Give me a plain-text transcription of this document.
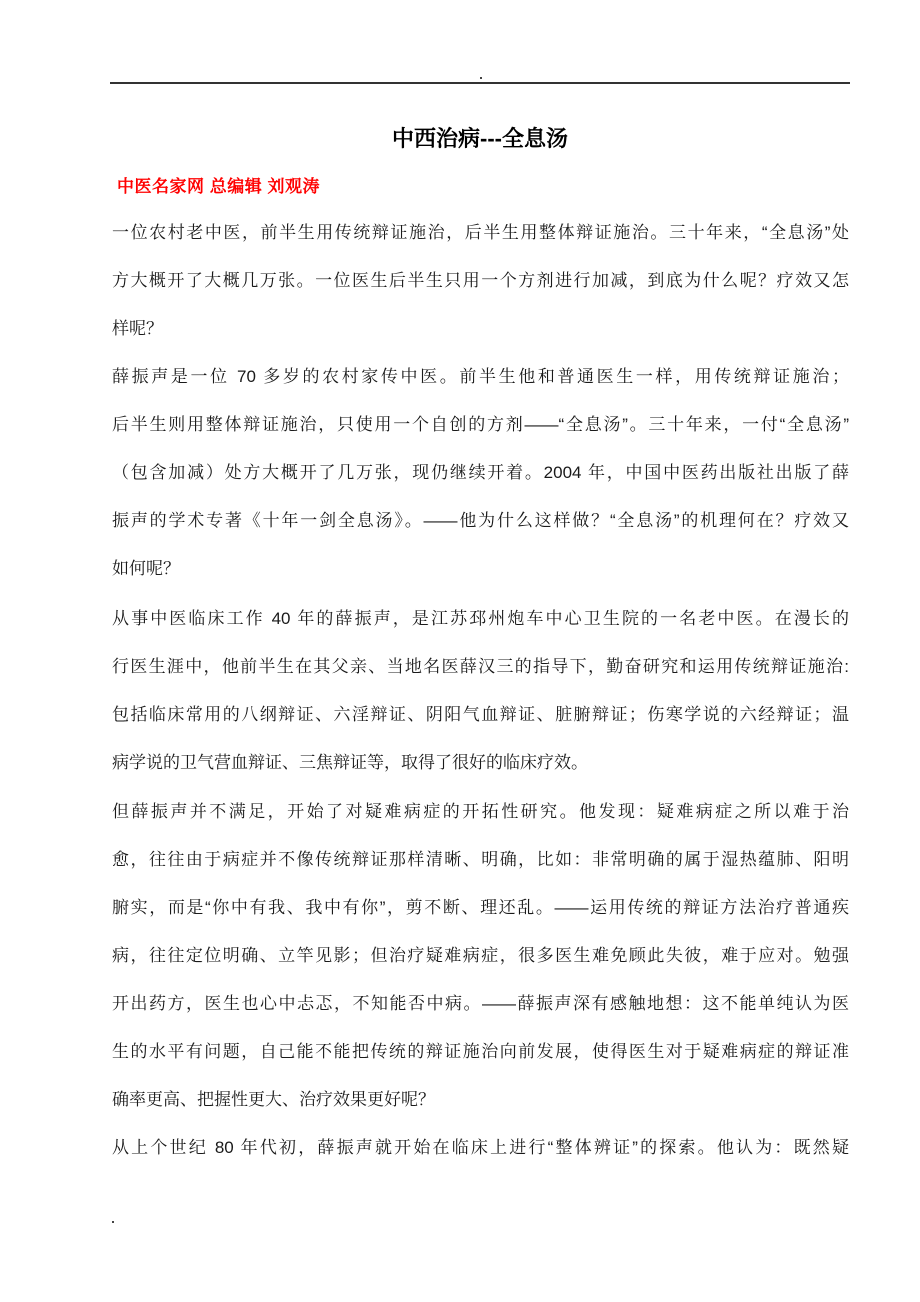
中西治病---全息汤
中医名家网 总编辑 刘观涛
一位农村老中医，前半生用传统辩证施治，后半生用整体辩证施治。三十年来，“全息汤”处
方大概开了大概几万张。一位医生后半生只用一个方剂进行加减，到底为什么呢？疗效又怎
样呢？
薛振声是一位 70 多岁的农村家传中医。前半生他和普通医生一样，用传统辩证施治；
后半生则用整体辩证施治，只使用一个自创的方剂——“全息汤”。三十年来，一付“全息汤”
（包含加减）处方大概开了几万张，现仍继续开着。2004 年，中国中医药出版社出版了薛
振声的学术专著《十年一剑全息汤》。——他为什么这样做？“全息汤”的机理何在？疗效又
如何呢？
从事中医临床工作 40 年的薛振声，是江苏邳州炮车中心卫生院的一名老中医。在漫长的
行医生涯中，他前半生在其父亲、当地名医薛汉三的指导下，勤奋研究和运用传统辩证施治:
包括临床常用的八纲辩证、六淫辩证、阴阳气血辩证、脏腑辩证；伤寒学说的六经辩证；温
病学说的卫气营血辩证、三焦辩证等，取得了很好的临床疗效。
但薛振声并不满足，开始了对疑难病症的开拓性研究。他发现：疑难病症之所以难于治
愈，往往由于病症并不像传统辩证那样清晰、明确，比如：非常明确的属于湿热蕴肺、阳明
腑实，而是“你中有我、我中有你”，剪不断、理还乱。——运用传统的辩证方法治疗普通疾
病，往往定位明确、立竿见影；但治疗疑难病症，很多医生难免顾此失彼，难于应对。勉强
开出药方，医生也心中忐忑，不知能否中病。——薛振声深有感触地想：这不能单纯认为医
生的水平有问题，自己能不能把传统的辩证施治向前发展，使得医生对于疑难病症的辩证准
确率更高、把握性更大、治疗效果更好呢？
从上个世纪 80 年代初，薛振声就开始在临床上进行“整体辨证”的探索。他认为：既然疑
